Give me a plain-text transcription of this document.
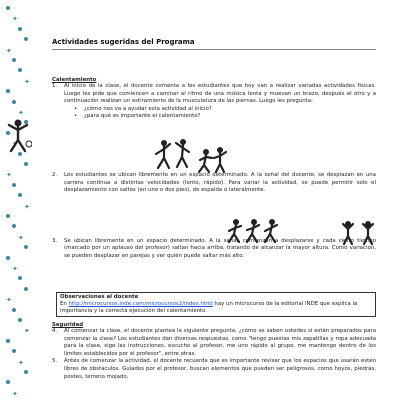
✦
✦
✦
✦
✦
✦
✦
✦
✦
✦
✦
✦
✦
Actividades sugeridas del Programa
Calentamiento
1. Al inicio de la clase, el docente comenta a los estudiantes que hoy van a realizar variadas actividades físicas. Luego les pide que comiencen a caminar al ritmo de una música lenta y muevan un brazo, después el otro y a continuación realizan un estiramiento de la musculatura de las piernas. Luego les pregunta:
• ¿cómo nos va a ayudar esta actividad al inicio?
• ¿para qué es importante el calentamiento?
2. Los estudiantes se ubican libremente en un espacio determinado. A la señal del docente, se desplazan en una carrera continua a distintas velocidades (lento, rápido). Para variar la actividad, se puede permitir solo el desplazamiento con saltos (en uno o dos pies), de espalda o lateralmente.
3. Se ubican libremente en un espacio determinado. A la señal, comienzan a desplazarse y cada cierto tiempo (marcado por un aplauso del profesor) saltan hacia arriba, tratando de alcanzar la mayor altura. Como variación, se pueden desplazar en parejas y ver quién puede saltar más alto.
Observaciones al docente
En http://microcursos.inde.com/microcursos2/index.html hay un microcurso de la editorial INDE que explica la importancia y la correcta ejecución del calentamiento.
Seguridad
4. Al comenzar la clase, el docente plantea la siguiente pregunta: ¿cómo se saben ustedes si están preparados para comenzar la clase? Los estudiantes dan diversas respuestas, como "tengo puestas mis zapatillas y ropa adecuada para la clase, sigo las instrucciones, escucho al profesor, me uno rápido al grupo, me mantengo dentro de los límites establecidos por el profesor", entre otras.
5. Antes de comenzar la actividad, el docente recuerda que es importante revisar que los espacios que usarán estén libres de obstáculos. Guiados por el profesor, buscan elementos que pueden ser peligrosos, como hoyos, piedras, postes, terreno mojado,
